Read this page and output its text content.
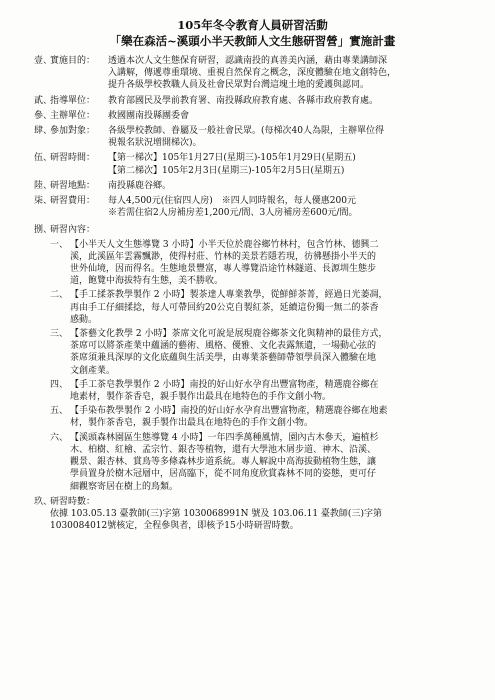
105年冬令教育人員研習活動
「樂在森活~溪頭小半天教師人文生態研習營」實施計畫
壹、
實施目的：	透過本次人文生態保育研習，認識南投的真善美內涵，藉由專業講師深
入講解，傳遞尊重環境、重視自然保育之概念，深度體驗在地文創特色，
提升各級學校教職人員及社會民眾對台灣這塊土地的愛護與認同。
貳、
指導單位：	教育部國民及學前教育署、南投縣政府教育處、各縣市政府教育處。
參、
主辦單位：	救國團南投縣團委會
肆、
參加對象：	各級學校教師、眷屬及一般社會民眾。(每梯次40人為限，主辦單位得
視報名狀況增開梯次)。
伍、
研習時間：	【第一梯次】105年1月27日(星期三)-105年1月29日(星期五)
【第二梯次】105年2月3日(星期三)-105年2月5日(星期五)
陸、
研習地點：	南投縣鹿谷鄉。
柒、
研習費用：	每人4,500元(住宿四人房)　※四人同時報名，每人優惠200元
※若需住宿2人房補房差1,200元/間、3人房補房差600元/間。
捌、
研習內容：
一、 【小半天人文生態導覽 3 小時】小半天位於鹿谷鄉竹林村，包含竹林、德興二
溪，此溪區年雲霧飄渺，使得村莊、竹林的美景若隱若現，彷彿懸掛小半天的
世外仙境，因而得名。生態地景豐富，專人導覽沿途竹林隧道、長源圳生態步
道，飽覽中海拔特有生態，美不勝收。
二、 【手工揉茶教學製作 2 小時】製茶達人專業教學，從鮮鮮茶菁，經過日光萎凋，
再由手工仔細揉捻，每人可帶回約20公克自製紅茶，延續這份獨一無二的茶香
感動。
三、 【茶藝文化教學 2 小時】茶席文化可說是展現鹿谷鄉茶文化與精神的最佳方式，
茶席可以將茶產業中蘊涵的藝術、風格、優雅、文化表露無遺，一場動心弦的
茶席須兼具深厚的文化底蘊與生活美學，由專業茶藝師帶領學員深入體驗在地
文創產業。
四、 【手工茶皂教學製作 2 小時】南投的好山好水孕育出豐富物產，精選鹿谷鄉在
地素材，製作茶香皂，親手製作出最具在地特色的手作文創小物。
五、 【手染布教學製作 2 小時】南投的好山好水孕育出豐富物產，精選鹿谷鄉在地素
材，製作茶香皂，親手製作出最具在地特色的手作文創小物。
六、 【溪頭森林園區生態導覽 4 小時】一年四季萬種風情，園內古木參天，遍植杉
木、柏樹、紅檜、孟宗竹、銀杏等植物，還有大學池木屑步道、神木、沿溪、
觀景、銀杏林、賞鳥等多條森林步道系統。專人解說中高海拔動植物生態，讓
學員置身於樹木冠層中，居高臨下，從不同角度欣賞森林不同的姿態，更可仔
細觀察寄居在樹上的鳥類。
玖、
研習時數：
依據 103.05.13 臺教師(三)字第 1030068991N 號及 103.06.11 臺教師(三)字第
1030084012號核定，全程參與者，即核予15小時研習時數。
